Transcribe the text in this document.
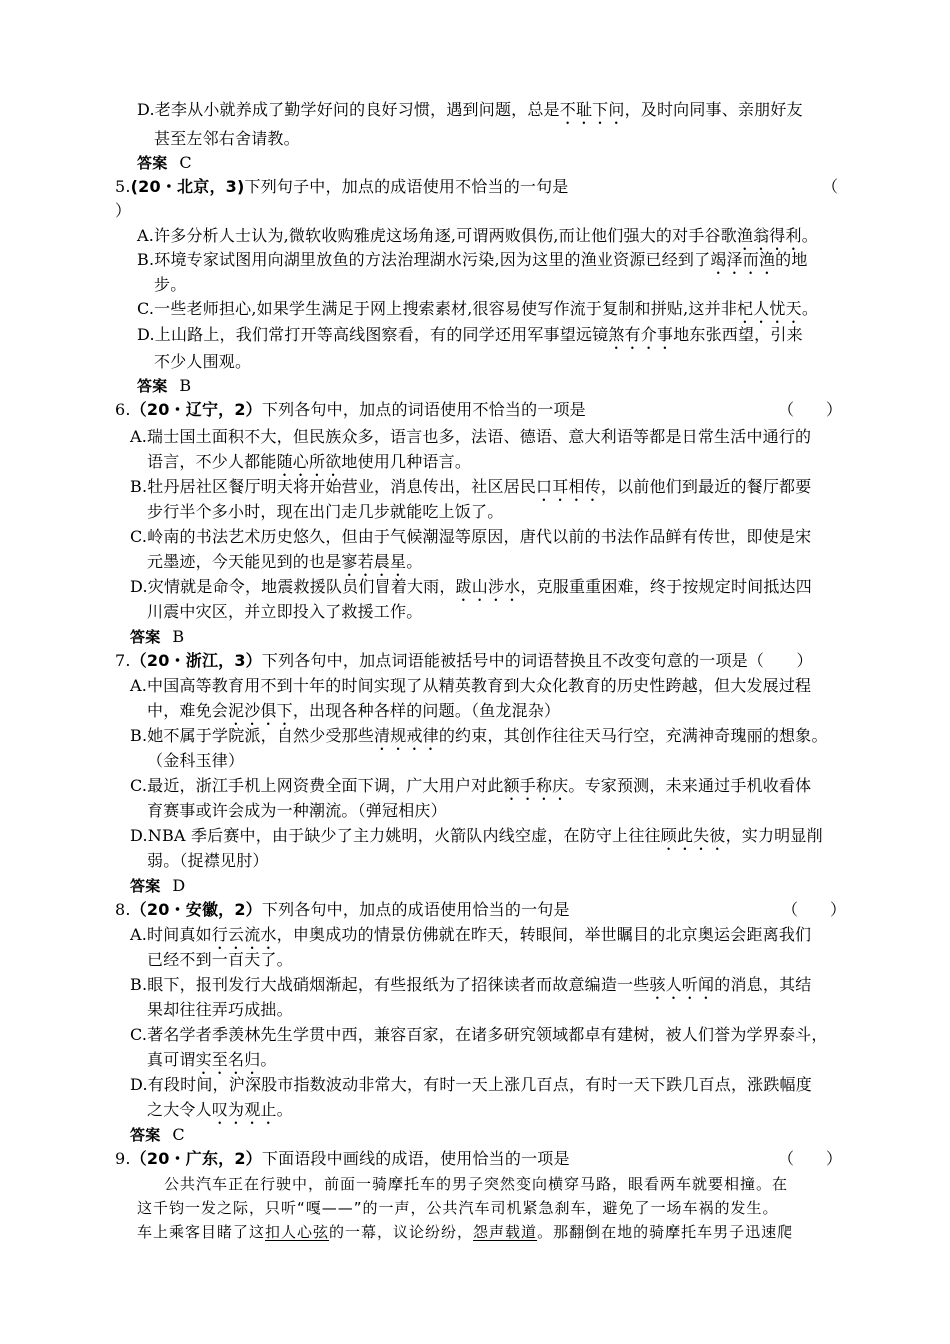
D.老李从小就养成了勤学好问的良好习惯，遇到问题，总是不耻下问，及时向同事、亲朋好友
甚至左邻右舍请教。
答案 C
5.(20・北京，3)下列句子中，加点的成语使用不恰当的一句是	（
）
A.许多分析人士认为,微软收购雅虎这场角逐,可谓两败俱伤,而让他们强大的对手谷歌渔翁得利。
B.环境专家试图用向湖里放鱼的方法治理湖水污染,因为这里的渔业资源已经到了竭泽而渔的地
步。
C.一些老师担心,如果学生满足于网上搜索素材,很容易使写作流于复制和拼贴,这并非杞人忧天。
D.上山路上，我们常打开等高线图察看，有的同学还用军事望远镜煞有介事地东张西望，引来
不少人围观。
答案 B
6.（20・辽宁，2）下列各句中，加点的词语使用不恰当的一项是	（　　）
A.瑞士国土面积不大，但民族众多，语言也多，法语、德语、意大利语等都是日常生活中通行的
语言，不少人都能随心所欲地使用几种语言。
B.牡丹居社区餐厅明天将开始营业，消息传出，社区居民口耳相传，以前他们到最近的餐厅都要
步行半个多小时，现在出门走几步就能吃上饭了。
C.岭南的书法艺术历史悠久，但由于气候潮湿等原因，唐代以前的书法作品鲜有传世，即使是宋
元墨迹，今天能见到的也是寥若晨星。
D.灾情就是命令，地震救援队员们冒着大雨，跋山涉水，克服重重困难，终于按规定时间抵达四
川震中灾区，并立即投入了救援工作。
答案 B
7.（20・浙江，3）下列各句中，加点词语能被括号中的词语替换且不改变句意的一项是（　　）
A.中国高等教育用不到十年的时间实现了从精英教育到大众化教育的历史性跨越，但大发展过程
中，难免会泥沙俱下，出现各种各样的问题。（鱼龙混杂）
B.她不属于学院派，自然少受那些清规戒律的约束，其创作往往天马行空，充满神奇瑰丽的想象。
（金科玉律）
C.最近，浙江手机上网资费全面下调，广大用户对此额手称庆。专家预测，未来通过手机收看体
育赛事或许会成为一种潮流。（弹冠相庆）
D.NBA 季后赛中，由于缺少了主力姚明，火箭队内线空虚，在防守上往往顾此失彼，实力明显削
弱。（捉襟见肘）
答案 D
8.（20・安徽，2）下列各句中，加点的成语使用恰当的一句是	（　　）
A.时间真如行云流水，申奥成功的情景仿佛就在昨天，转眼间，举世瞩目的北京奥运会距离我们
已经不到一百天了。
B.眼下，报刊发行大战硝烟渐起，有些报纸为了招徕读者而故意编造一些骇人听闻的消息，其结
果却往往弄巧成拙。
C.著名学者季羡林先生学贯中西，兼容百家，在诸多研究领域都卓有建树，被人们誉为学界泰斗，
真可谓实至名归。
D.有段时间，沪深股市指数波动非常大，有时一天上涨几百点，有时一天下跌几百点，涨跌幅度
之大令人叹为观止。
答案 C
9.（20・广东，2）下面语段中画线的成语，使用恰当的一项是	（　　）
公共汽车正在行驶中，前面一骑摩托车的男子突然变向横穿马路，眼看两车就要相撞。在
这千钧一发之际，只听“嘎——”的一声，公共汽车司机紧急刹车，避免了一场车祸的发生。
车上乘客目睹了这扣人心弦的一幕，议论纷纷，怨声载道。那翻倒在地的骑摩托车男子迅速爬
